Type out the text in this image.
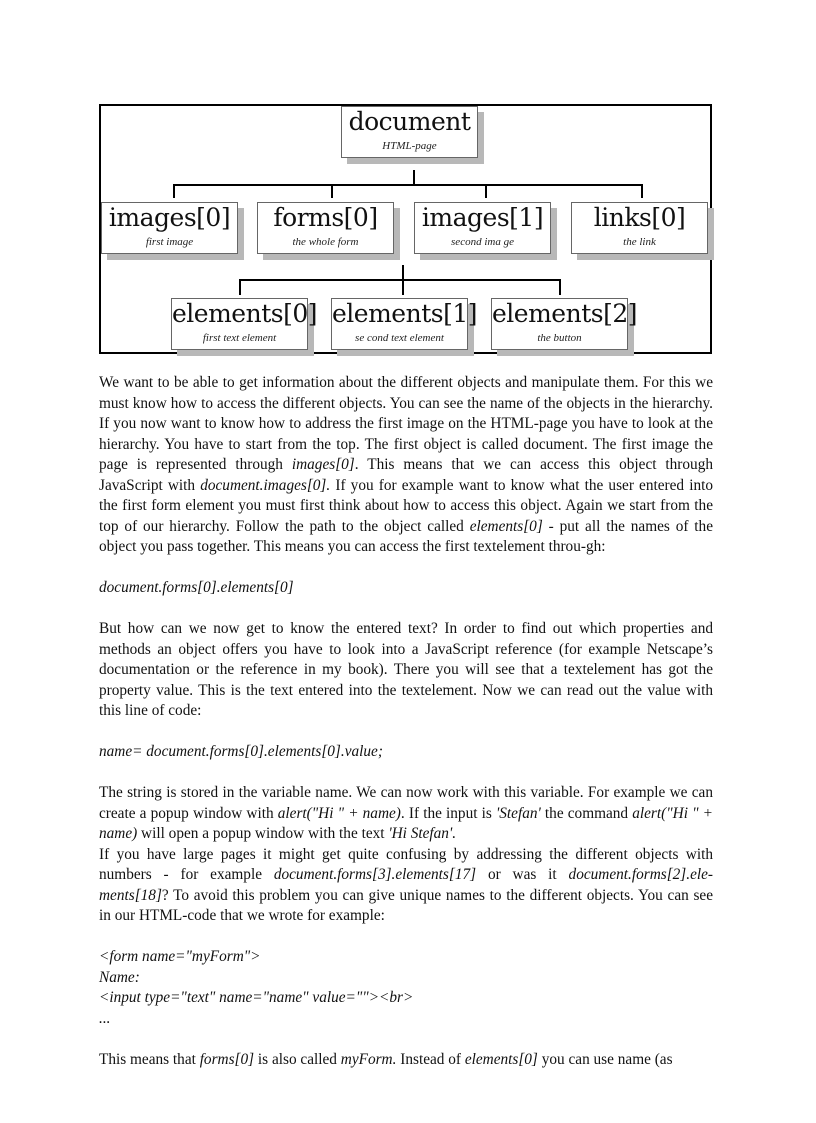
document
HTML-page
images[0]
first image
forms[0]
the whole form
images[1]
second ima ge
links[0]
the link
elements[0]
first text element
elements[1]
se cond text element
elements[2]
the button

We want to be able to get information about the different objects and manipulate them. For this we must know how to access the different objects. You can see the name of the objects in the hierarchy. If you now want to know how to address the first image on the HTML-page you have to look at the hierarchy. You have to start from the top. The first object is called document. The first image the page is represented through images[0]. This means that we can access this object through JavaScript with document.images[0]. If you for example want to know what the user entered into the first form element you must first think about how to access this object. Again we start from the top of our hierarchy. Follow the path to the object called elements[0] - put all the names of the object you pass together. This means you can access the first textelement throu-gh:

document.forms[0].elements[0]

But how can we now get to know the entered text? In order to find out which properties and methods an object offers you have to look into a JavaScript reference (for example Netscape’s documentation or the reference in my book). There you will see that a textelement has got the property value. This is the text entered into the textelement. Now we can read out the value with this line of code:

name= document.forms[0].elements[0].value;

The string is stored in the variable name. We can now work with this variable. For example we can create a popup window with alert("Hi " + name). If the input is 'Stefan' the command alert("Hi " + name) will open a popup window with the text 'Hi Stefan'.

If you have large pages it might get quite confusing by addressing the different objects with numbers - for example document.forms[3].elements[17] or was it document.forms[2].ele-ments[18]? To avoid this problem you can give unique names to the different objects. You can see in our HTML-code that we wrote for example:

<form name="myForm">

Name:

<input type="text" name="name" value=""><br>

...

This means that forms[0] is also called myForm. Instead of elements[0] you can use name (as
